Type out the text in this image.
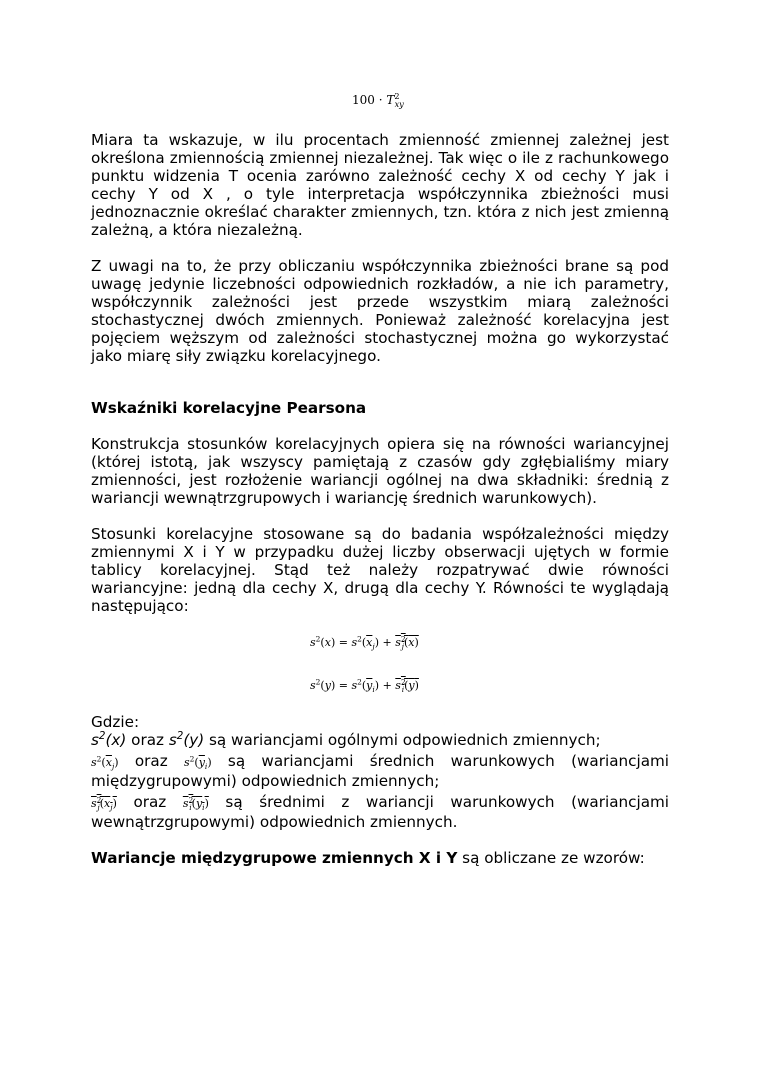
$100 \cdot T^2_{xy}$

Miara ta wskazuje, w ilu procentach zmienność zmiennej zależnej jest określona zmiennością zmiennej niezależnej. Tak więc o ile z rachunkowego punktu widzenia T ocenia zarówno zależność cechy X od cechy Y jak i cechy Y od X , o tyle interpretacja współczynnika zbieżności musi jednoznacznie określać charakter zmiennych, tzn. która z nich jest zmienną zależną, a która niezależną.

Z uwagi na to, że przy obliczaniu współczynnika zbieżności brane są pod uwagę jedynie liczebności odpowiednich rozkładów, a nie ich parametry, współczynnik zależności jest przede wszystkim miarą zależności stochastycznej dwóch zmiennych. Ponieważ zależność korelacyjna jest pojęciem węższym od zależności stochastycznej można go wykorzystać jako miarę siły związku korelacyjnego.

Wskaźniki korelacyjne Pearsona

Konstrukcja stosunków korelacyjnych opiera się na równości wariancyjnej (której istotą, jak wszyscy pamiętają z czasów gdy zgłębialiśmy miary zmienności, jest rozłożenie wariancji ogólnej na dwa składniki: średnią z wariancji wewnątrzgrupowych i wariancję średnich warunkowych).

Stosunki korelacyjne stosowane są do badania współzależności między zmiennymi X i Y w przypadku dużej liczby obserwacji ujętych w formie tablicy korelacyjnej. Stąd też należy rozpatrywać dwie równości wariancyjne: jedną dla cechy X, drugą dla cechy Y. Równości te wyglądają następująco:

$s^2(x) = s^2(\overline{x}_j) + s^2_j(x)$
$s^2(y) = s^2(\overline{y}_i) + s^2_i(y)$

Gdzie:

$s^2(x)$ oraz $s^2(y)$ są wariancjami ogólnymi odpowiednich zmiennych;

$s^2(\overline{x}_j)$ oraz $s^2(\overline{y}_i)$ są wariancjami średnich warunkowych (wariancjami

międzygrupowymi) odpowiednich zmiennych;

$s^2_j(x_j)$ oraz $s^2_i(y_i)$ są średnimi z wariancji warunkowych (wariancjami

wewnątrzgrupowymi) odpowiednich zmiennych.

Wariancje międzygrupowe zmiennych X i Y są obliczane ze wzorów:
